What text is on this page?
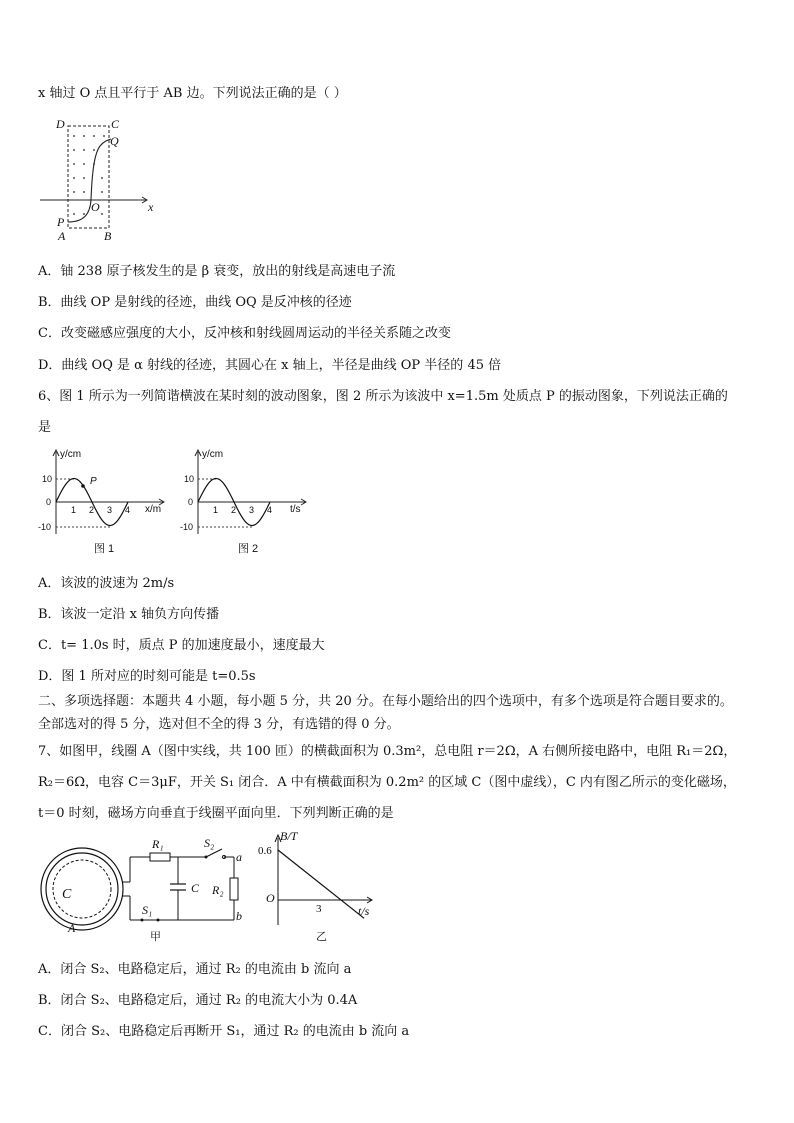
x 轴过 O 点且平行于 AB 边。下列说法正确的是（ ）
D	C
Q
O	x
P
A	B
A．铀 238 原子核发生的是 β 衰变，放出的射线是高速电子流
B．曲线 OP 是射线的径迹，曲线 OQ 是反冲核的径迹
C．改变磁感应强度的大小，反冲核和射线圆周运动的半径关系随之改变
D．曲线 OQ 是 α 射线的径迹，其圆心在 x 轴上，半径是曲线 OP 半径的 45 倍
6、图 1 所示为一列简谐横波在某时刻的波动图象，图 2 所示为该波中 x=1.5m 处质点 P 的振动图象，下列说法正确的
是
P
y/cm
x/m
10
0
-10
1 2 3 4
图 1
y/cm
t/s
10
0
-10
1 2 3 4
图 2
A．该波的波速为 2m/s
B．该波一定沿 x 轴负方向传播
C．t= 1.0s 时，质点 P 的加速度最小，速度最大
D．图 1 所对应的时刻可能是 t=0.5s
二、多项选择题：本题共 4 小题，每小题 5 分，共 20 分。在每小题给出的四个选项中，有多个选项是符合题目要求的。
全部选对的得 5 分，选对但不全的得 3 分，有选错的得 0 分。
7、如图甲，线圈 A（图中实线，共 100 匝）的横截面积为 0.3m²，总电阻 r＝2Ω，A 右侧所接电路中，电阻 R₁＝2Ω，
R₂＝6Ω，电容 C＝3μF，开关 S₁ 闭合．A 中有横截面积为 0.2m² 的区域 C（图中虚线），C 内有图乙所示的变化磁场，
t＝0 时刻，磁场方向垂直于线圈平面向里．下列判断正确的是
C
A
R₁	S₂
a
R₂
b
C
S₁
甲
B/T
0.6
O
3	t/s
乙
A．闭合 S₂、电路稳定后，通过 R₂ 的电流由 b 流向 a
B．闭合 S₂、电路稳定后，通过 R₂ 的电流大小为 0.4A
C．闭合 S₂、电路稳定后再断开 S₁，通过 R₂ 的电流由 b 流向 a
